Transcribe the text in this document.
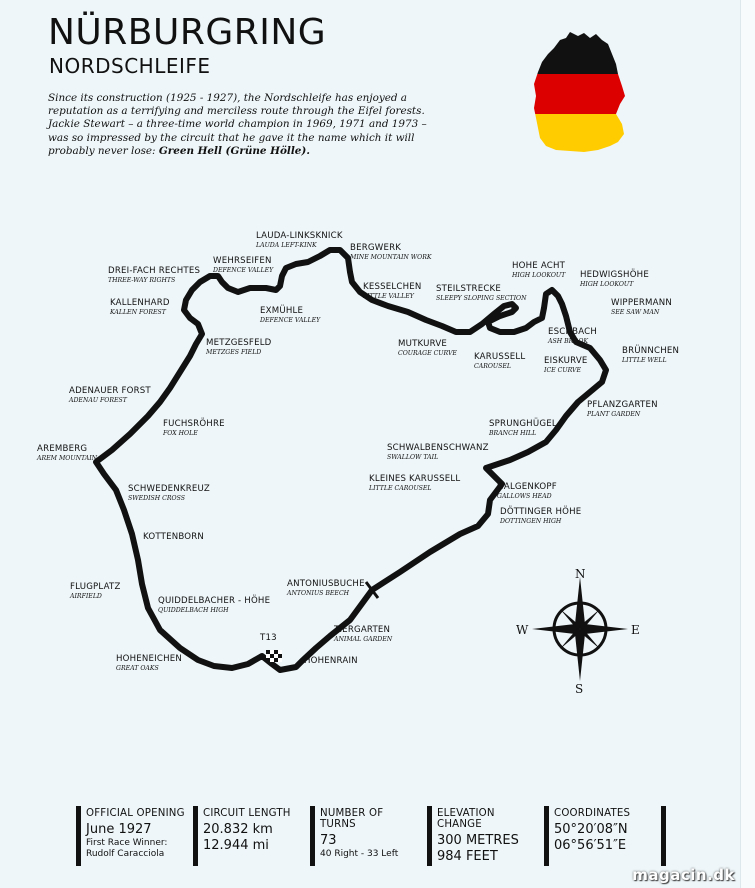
NÜRBURGRING
NORDSCHLEIFE
Since its construction (1925 - 1927), the Nordschleife has enjoyed a reputation as a terrifying and merciless route through the Eifel forests. Jackie Stewart – a three-time world champion in 1969, 1971 and 1973 – was so impressed by the circuit that he gave it the name which it will probably never lose: Green Hell (Grüne Hölle).
LAUDA-LINKSKNICK
LAUDA LEFT-KINK	BERGWERK
MINE MOUNTAIN WORK
WEHRSEIFEN
DEFENCE VALLEY
DREI-FACH RECHTES
THREE-WAY RIGHTS
KALLENHARD
KALLEN FOREST	EXMÜHLE
DEFENCE VALLEY
KESSELCHEN
LITTLE VALLEY
STEILSTRECKE
SLEEPY SLOPING SECTION
HOHE ACHT
HIGH LOOKOUT HEDWIGSHÖHE
HIGH LOOKOUT
WIPPERMANN
SEE SAW MAN
ESCHBACH
ASH BROOK
METZGESFELD
METZGES FIELD
MUTKURVE
COURAGE CURVE KARUSSELL
CAROUSEL
BRÜNNCHEN
LITTLE WELL
EISKURVE
ICE CURVE
ADENAUER FORST
ADENAU FOREST	PFLANZGARTEN
PLANT GARDEN
FUCHSRÖHRE
FOX HOLE
SPRUNGHÜGEL
BRANCH HILL
AREMBERG
AREM MOUNTAIN
SCHWALBENSCHWANZ
SWALLOW TAIL
KLEINES KARUSSELL
LITTLE CAROUSEL	GALGENKOPF
GALLOWS HEAD
SCHWEDENKREUZ
SWEDISH CROSS
DÖTTINGER HÖHE
DOTTINGEN HIGH
KOTTENBORN
ANTONIUSBUCHE
ANTONIUS BEECH
FLUGPLATZ
AIRFIELD	QUIDDELBACHER - HÖHE
QUIDDELBACH HIGH
TIERGARTEN
ANIMAL GARDEN
T13
HOHENEICHEN
GREAT OAKS
HOHENRAIN
N
E
S
W
OFFICIAL OPENING
June 1927
First Race Winner:
Rudolf Caracciola
CIRCUIT LENGTH
20.832 km
12.944 mi
NUMBER OF TURNS
73
40 Right - 33 Left
ELEVATION CHANGE
300 METRES
984 FEET
COORDINATES
50°20′08″N
06°56′51″E
magacin.dk
